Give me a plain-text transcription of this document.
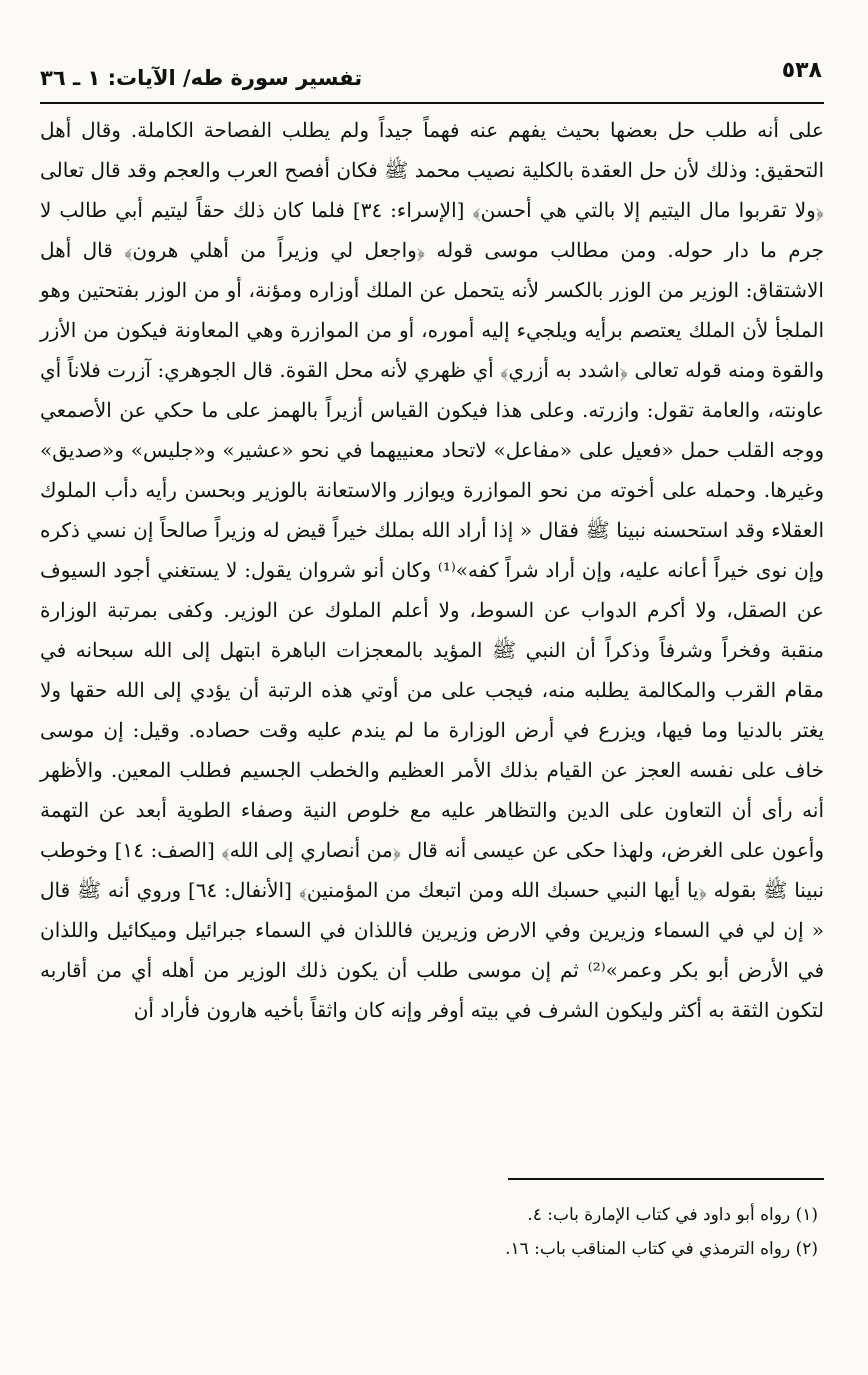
٥٣٨
تفسير سورة طه/ الآيات: ١ ـ ٣٦

على أنه طلب حل بعضها بحيث يفهم عنه فهماً جيداً ولم يطلب الفصاحة الكاملة. وقال أهل التحقيق: وذلك لأن حل العقدة بالكلية نصيب محمد ﷺ فكان أفصح العرب والعجم وقد قال تعالى ﴿ولا تقربوا مال اليتيم إلا بالتي هي أحسن﴾ [الإسراء: ٣٤] فلما كان ذلك حقاً ليتيم أبي طالب لا جرم ما دار حوله. ومن مطالب موسى قوله ﴿واجعل لي وزيراً من أهلي هرون﴾ قال أهل الاشتقاق: الوزير من الوزر بالكسر لأنه يتحمل عن الملك أوزاره ومؤنة، أو من الوزر بفتحتين وهو الملجأ لأن الملك يعتصم برأيه ويلجيء إليه أموره، أو من الموازرة وهي المعاونة فيكون من الأزر والقوة ومنه قوله تعالى ﴿اشدد به أزري﴾ أي ظهري لأنه محل القوة. قال الجوهري: آزرت فلاناً أي عاونته، والعامة تقول: وازرته. وعلى هذا فيكون القياس أزيراً بالهمز على ما حكي عن الأصمعي ووجه القلب حمل «فعيل على «مفاعل» لاتحاد معنييهما في نحو «عشير» و«جليس» و«صديق» وغيرها. وحمله على أخوته من نحو الموازرة ويوازر والاستعانة بالوزير وبحسن رأيه دأب الملوك العقلاء وقد استحسنه نبينا ﷺ فقال « إذا أراد الله بملك خيراً قيض له وزيراً صالحاً إن نسي ذكره وإن نوى خيراً أعانه عليه، وإن أراد شراً كفه»⁽¹⁾ وكان أنو شروان يقول: لا يستغني أجود السيوف عن الصقل، ولا أكرم الدواب عن السوط، ولا أعلم الملوك عن الوزير. وكفى بمرتبة الوزارة منقبة وفخراً وشرفاً وذكراً أن النبي ﷺ المؤيد بالمعجزات الباهرة ابتهل إلى الله سبحانه في مقام القرب والمكالمة يطلبه منه، فيجب على من أوتي هذه الرتبة أن يؤدي إلى الله حقها ولا يغتر بالدنيا وما فيها، ويزرع في أرض الوزارة ما لم يندم عليه وقت حصاده. وقيل: إن موسى خاف على نفسه العجز عن القيام بذلك الأمر العظيم والخطب الجسيم فطلب المعين. والأظهر أنه رأى أن التعاون على الدين والتظاهر عليه مع خلوص النية وصفاء الطوية أبعد عن التهمة وأعون على الغرض، ولهذا حكى عن عيسى أنه قال ﴿من أنصاري إلى الله﴾ [الصف: ١٤] وخوطب نبينا ﷺ بقوله ﴿يا أيها النبي حسبك الله ومن اتبعك من المؤمنين﴾ [الأنفال: ٦٤] وروي أنه ﷺ قال « إن لي في السماء وزيرين وفي الارض وزيرين فاللذان في السماء جبرائيل وميكائيل واللذان في الأرض أبو بكر وعمر»⁽²⁾ ثم إن موسى طلب أن يكون ذلك الوزير من أهله أي من أقاربه لتكون الثقة به أكثر وليكون الشرف في بيته أوفر وإنه كان واثقاً بأخيه هارون فأراد أن

(١) رواه أبو داود في كتاب الإمارة باب: ٤.
(٢) رواه الترمذي في كتاب المناقب باب: ١٦.
